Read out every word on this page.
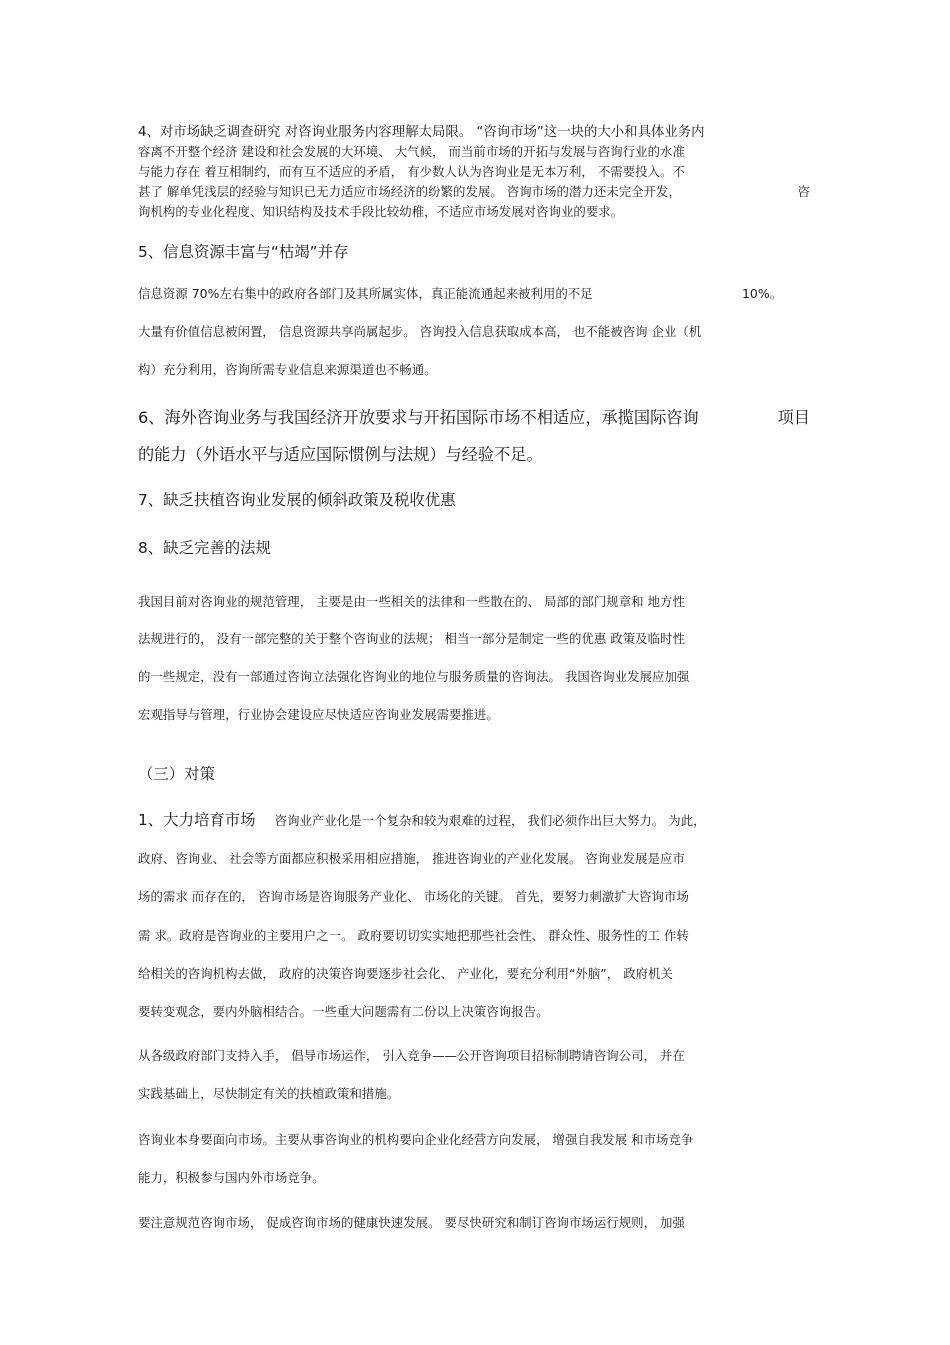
4、对市场缺乏调查研究 对咨询业服务内容理解太局限。 “咨询市场”这一块的大小和具体业务内
容离不开整个经济 建设和社会发展的大环境、 大气候， 而当前市场的开拓与发展与咨询行业的水准
与能力存在 着互相制约，而有互不适应的矛盾， 有少数人认为咨询业是无本万利， 不需要投入。不
甚了 解单凭浅层的经验与知识已无力适应市场经济的纷繁的发展。 咨询市场的潜力还未完全开发，	咨
询机构的专业化程度、知识结构及技术手段比较幼稚，不适应市场发展对咨询业的要求。
5、信息资源丰富与“枯竭”并存
信息资源 70%左右集中的政府各部门及其所属实体，真正能流通起来被利用的不足	10%。
大量有价值信息被闲置， 信息资源共享尚属起步。 咨询投入信息获取成本高， 也不能被咨询 企业（机
构）充分利用，咨询所需专业信息来源渠道也不畅通。
6、海外咨询业务与我国经济开放要求与开拓国际市场不相适应，承揽国际咨询	项目
的能力（外语水平与适应国际惯例与法规）与经验不足。
7、缺乏扶植咨询业发展的倾斜政策及税收优惠
8、缺乏完善的法规
我国目前对咨询业的规范管理， 主要是由一些相关的法律和一些散在的、 局部的部门规章和 地方性
法规进行的， 没有一部完整的关于整个咨询业的法规； 相当一部分是制定一些的优惠 政策及临时性
的一些规定，没有一部通过咨询立法强化咨询业的地位与服务质量的咨询法。 我国咨询业发展应加强
宏观指导与管理，行业协会建设应尽快适应咨询业发展需要推进。
（三）对策
1、大力培育市场 咨询业产业化是一个复杂和较为艰难的过程， 我们必须作出巨大努力。 为此，
政府、咨询业、 社会等方面都应积极采用相应措施， 推进咨询业的产业化发展。 咨询业发展是应市
场的需求 而存在的， 咨询市场是咨询服务产业化、 市场化的关键。 首先，要努力刺激扩大咨询市场
需 求。政府是咨询业的主要用户之一。 政府要切切实实地把那些社会性、 群众性、服务性的工 作转
给相关的咨询机构去做， 政府的决策咨询要逐步社会化、 产业化，要充分利用“外脑”， 政府机关
要转变观念，要内外脑相结合。一些重大问题需有二份以上决策咨询报告。
从各级政府部门支持入手， 倡导市场运作， 引入竞争——公开咨询项目招标制聘请咨询公司， 并在
实践基础上，尽快制定有关的扶植政策和措施。
咨询业本身要面向市场。主要从事咨询业的机构要向企业化经营方向发展， 增强自我发展 和市场竞争
能力，积极参与国内外市场竞争。
要注意规范咨询市场， 促成咨询市场的健康快速发展。 要尽快研究和制订咨询市场运行规则， 加强
